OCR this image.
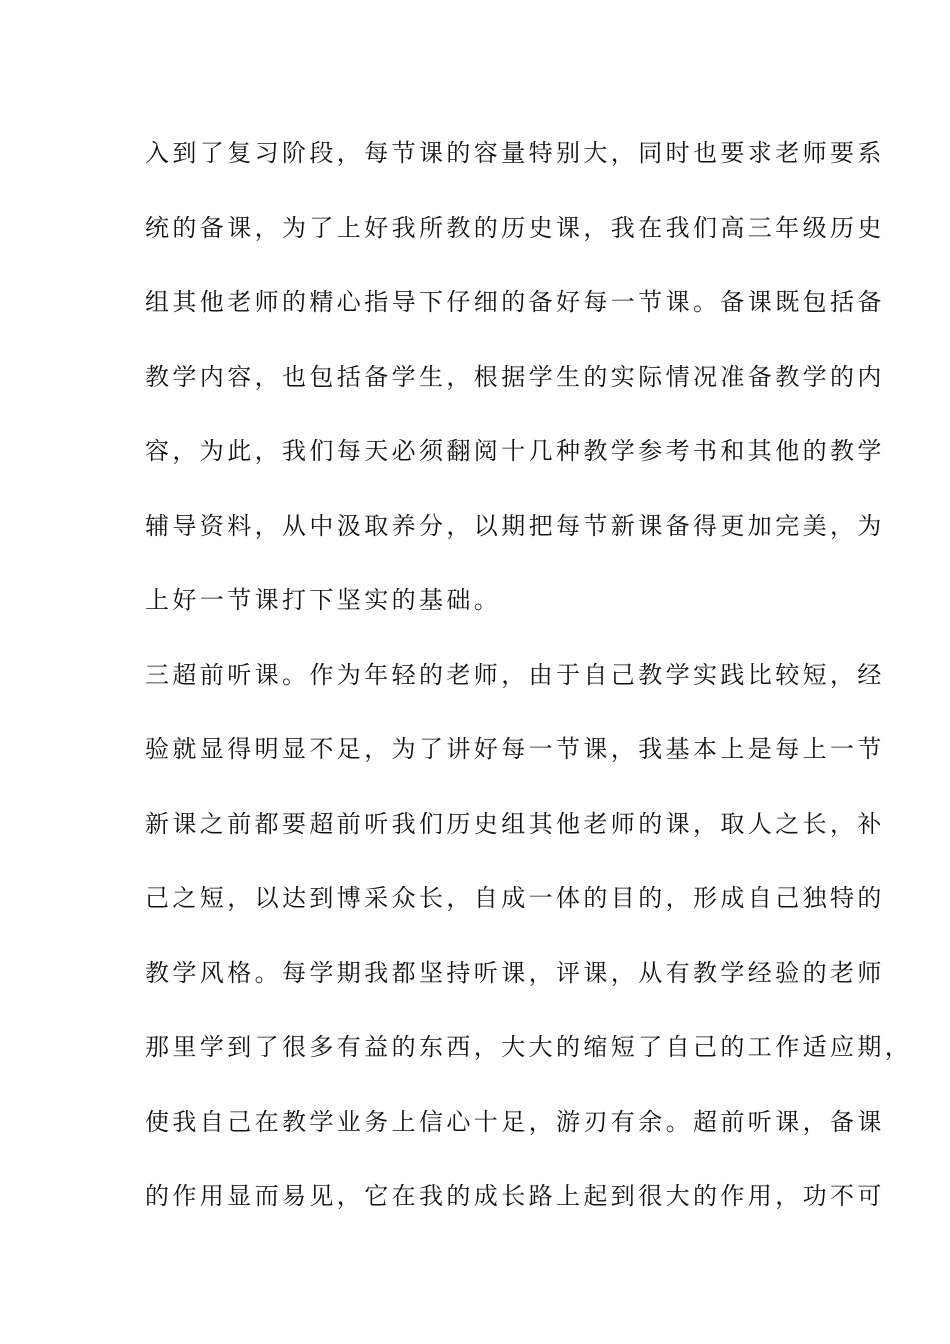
入到了复习阶段，每节课的容量特别大，同时也要求老师要系
统的备课，为了上好我所教的历史课，我在我们高三年级历史
组其他老师的精心指导下仔细的备好每一节课。备课既包括备
教学内容，也包括备学生，根据学生的实际情况准备教学的内
容，为此，我们每天必须翻阅十几种教学参考书和其他的教学
辅导资料，从中汲取养分，以期把每节新课备得更加完美，为
上好一节课打下坚实的基础。
三超前听课。作为年轻的老师，由于自己教学实践比较短，经
验就显得明显不足，为了讲好每一节课，我基本上是每上一节
新课之前都要超前听我们历史组其他老师的课，取人之长，补
己之短，以达到博采众长，自成一体的目的，形成自己独特的
教学风格。每学期我都坚持听课，评课，从有教学经验的老师
那里学到了很多有益的东西，大大的缩短了自己的工作适应期，
使我自己在教学业务上信心十足，游刃有余。超前听课，备课
的作用显而易见，它在我的成长路上起到很大的作用，功不可
